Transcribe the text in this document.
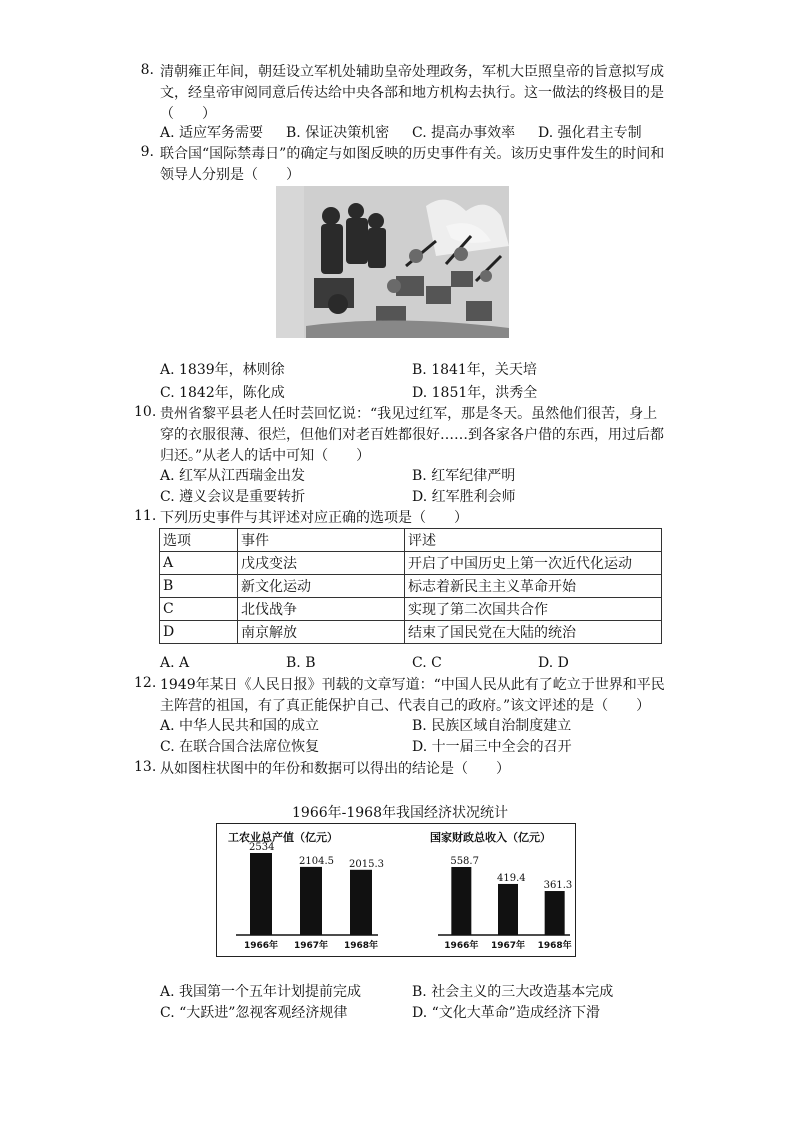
8. 清朝雍正年间，朝廷设立军机处辅助皇帝处理政务，军机大臣照皇帝的旨意拟写成文，经皇帝审阅同意后传达给中央各部和地方机构去执行。这一做法的终极目的是（　　）
A. 适应军务需要 B. 保证决策机密 C. 提高办事效率 D. 强化君主专制
9. 联合国“国际禁毒日”的确定与如图反映的历史事件有关。该历史事件发生的时间和领导人分别是（　　）
A. 1839年，林则徐	B. 1841年，关天培
C. 1842年，陈化成	D. 1851年，洪秀全
10. 贵州省黎平县老人任时芸回忆说：“我见过红军，那是冬天。虽然他们很苦，身上穿的衣服很薄、很烂，但他们对老百姓都很好……到各家各户借的东西，用过后都归还。”从老人的话中可知（　　）
A. 红军从江西瑞金出发	B. 红军纪律严明
C. 遵义会议是重要转折	D. 红军胜利会师
11. 下列历史事件与其评述对应正确的选项是（　　）
选项	事件	评述
A	戊戌变法	开启了中国历史上第一次近代化运动
B	新文化运动	标志着新民主主义革命开始
C	北伐战争	实现了第二次国共合作
D	南京解放	结束了国民党在大陆的统治
A. A	B. B	C. C	D. D
12. 1949年某日《人民日报》刊载的文章写道：“中国人民从此有了屹立于世界和平民主阵营的祖国，有了真正能保护自己、代表自己的政府。”该文评述的是（　　）
A. 中华人民共和国的成立	B. 民族区域自治制度建立
C. 在联合国合法席位恢复	D. 十一届三中全会的召开
13. 从如图柱状图中的年份和数据可以得出的结论是（　　）
1966年-1968年我国经济状况统计
工农业总产值（亿元）
2534
1966年
2104.5
1967年
2015.3
1968年
国家财政总收入（亿元）
558.7
1966年
419.4
1967年
361.3
1968年
A. 我国第一个五年计划提前完成	B. 社会主义的三大改造基本完成
C. “大跃进”忽视客观经济规律	D. “文化大革命”造成经济下滑
